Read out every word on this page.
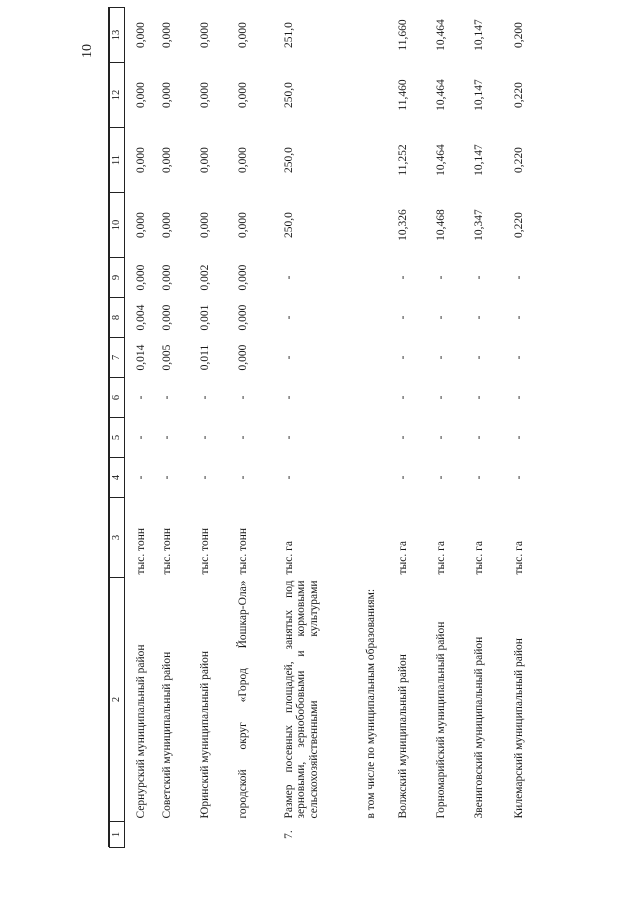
10

1	2	3	4	5	6	7	8	9	10	11	12	13
	Сернурский муниципальный район	тыс. тонн	-	-	-	0,014	0,004	0,000	0,000	0,000	0,000	0,000
	Советский муниципальный район	тыс. тонн	-	-	-	0,005	0,000	0,000	0,000	0,000	0,000	0,000
	Юринский муниципальный район	тыс. тонн	-	-	-	0,011	0,001	0,002	0,000	0,000	0,000	0,000
	городской округ «Город Йошкар-Ола»	тыс. тонн	-	-	-	0,000	0,000	0,000	0,000	0,000	0,000	0,000
7.	Размер посевных площадей, занятых под зерновыми, зернобобовыми и кормовыми сельскохозяйственными культурами	тыс. га	-	-	-	-	-	-	250,0	250,0	250,0	251,0
	в том числе по муниципальным образованиям:											
	Волжский муниципальный район	тыс. га	-	-	-	-	-	-	10,326	11,252	11,460	11,660
	Горномарийский муниципальный район	тыс. га	-	-	-	-	-	-	10,468	10,464	10,464	10,464
	Звениговский муниципальный район	тыс. га	-	-	-	-	-	-	10,347	10,147	10,147	10,147
	Килемарский муниципальный район	тыс. га	-	-	-	-	-	-	0,220	0,220	0,220	0,200
